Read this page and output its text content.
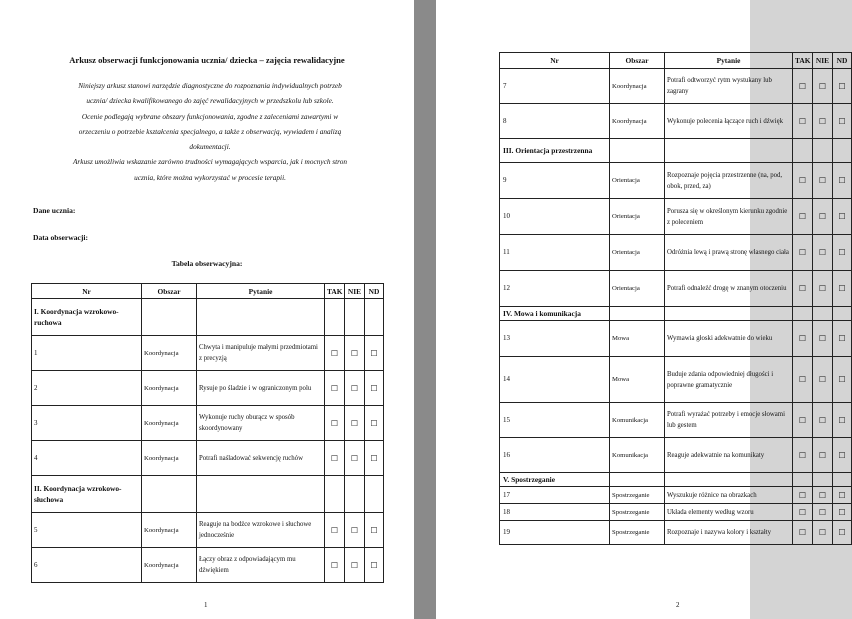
Arkusz obserwacji funkcjonowania ucznia/ dziecka – zajęcia rewalidacyjne

Niniejszy arkusz stanowi narzędzie diagnostyczne do rozpoznania indywidualnych potrzeb

ucznia/ dziecka kwalifikowanego do zajęć rewalidacyjnych w przedszkolu lub szkole.

Ocenie podlegają wybrane obszary funkcjonowania, zgodne z zaleceniami zawartymi w

orzeczeniu o potrzebie kształcenia specjalnego, a także z obserwacją, wywiadem i analizą

dokumentacji.

Arkusz umożliwia wskazanie zarówno trudności wymagających wsparcia, jak i mocnych stron

ucznia, które można wykorzystać w procesie terapii.

Dane ucznia:
Data obserwacji:
Tabela obserwacyjna:
Nr	Obszar	Pytanie	TAK	NIE	ND
I. Koordynacja wzrokowo-ruchowa					
1	Koordynacja	Chwyta i manipuluje małymi przedmiotami z precyzją	☐	☐	☐
2	Koordynacja	Rysuje po śladzie i w ograniczonym polu	☐	☐	☐
3	Koordynacja	Wykonuje ruchy oburącz w sposób skoordynowany	☐	☐	☐
4	Koordynacja	Potrafi naśladować sekwencję ruchów	☐	☐	☐
II. Koordynacja wzrokowo-słuchowa					
5	Koordynacja	Reaguje na bodźce wzrokowe i słuchowe jednocześnie	☐	☐	☐
6	Koordynacja	Łączy obraz z odpowiadającym mu dźwiękiem	☐	☐	☐
1
Nr	Obszar	Pytanie	TAK	NIE	ND
7	Koordynacja	Potrafi odtworzyć rytm wystukany lub zagrany	☐	☐	☐
8	Koordynacja	Wykonuje polecenia łączące ruch i dźwięk	☐	☐	☐
III. Orientacja przestrzenna					
9	Orientacja	Rozpoznaje pojęcia przestrzenne (na, pod, obok, przed, za)	☐	☐	☐
10	Orientacja	Porusza się w określonym kierunku zgodnie z poleceniem	☐	☐	☐
11	Orientacja	Odróżnia lewą i prawą stronę własnego ciała	☐	☐	☐
12	Orientacja	Potrafi odnaleźć drogę w znanym otoczeniu	☐	☐	☐
IV. Mowa i komunikacja					
13	Mowa	Wymawia głoski adekwatnie do wieku	☐	☐	☐
14	Mowa	Buduje zdania odpowiedniej długości i poprawne gramatycznie	☐	☐	☐
15	Komunikacja	Potrafi wyrażać potrzeby i emocje słowami lub gestem	☐	☐	☐
16	Komunikacja	Reaguje adekwatnie na komunikaty	☐	☐	☐
V. Spostrzeganie					
17	Spostrzeganie	Wyszukuje różnice na obrazkach	☐	☐	☐
18	Spostrzeganie	Układa elementy według wzoru	☐	☐	☐
19	Spostrzeganie	Rozpoznaje i nazywa kolory i kształty	☐	☐	☐
2
